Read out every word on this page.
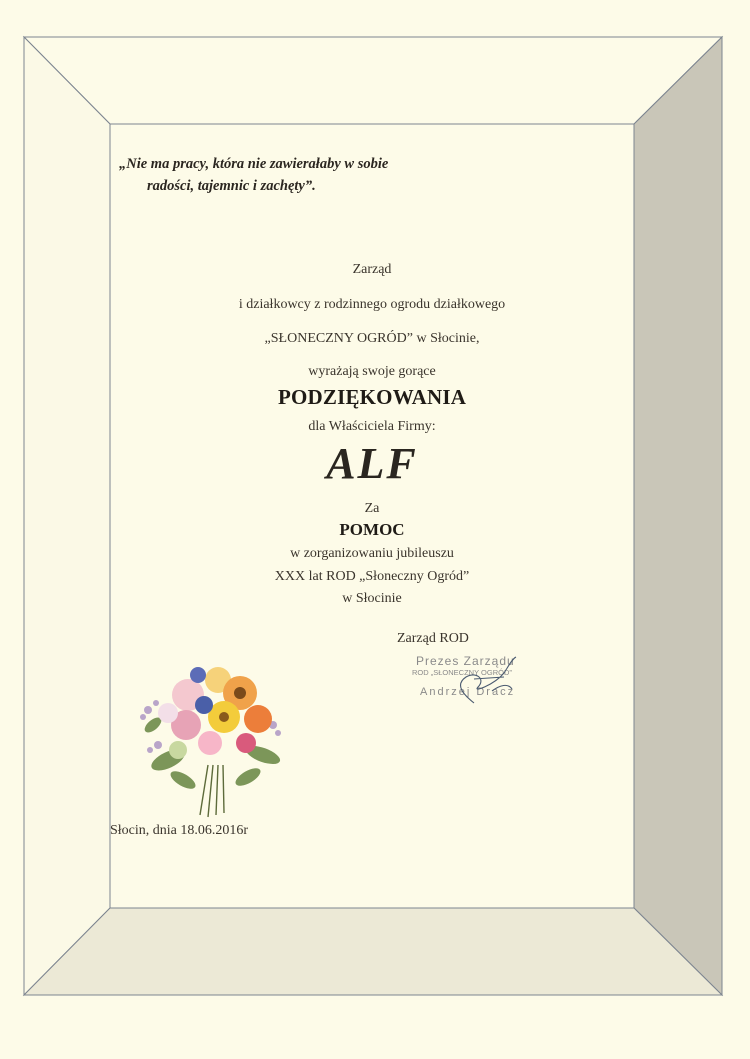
„Nie ma pracy, która nie zawierałaby w sobie

radości, tajemnic i zachęty”.

Zarząd

i działkowcy z rodzinnego ogrodu działkowego

„SŁONECZNY OGRÓD” w Słocinie,

wyrażają swoje gorące

PODZIĘKOWANIA

dla Właściciela Firmy:

ALF

Za

POMOC

w zorganizowaniu jubileuszu

XXX lat ROD „Słoneczny Ogród”

w Słocinie

Zarząd ROD

Prezes Zarządu

ROD „SŁONECZNY OGRÓD”

Andrzej Dracz

Słocin, dnia 18.06.2016r
